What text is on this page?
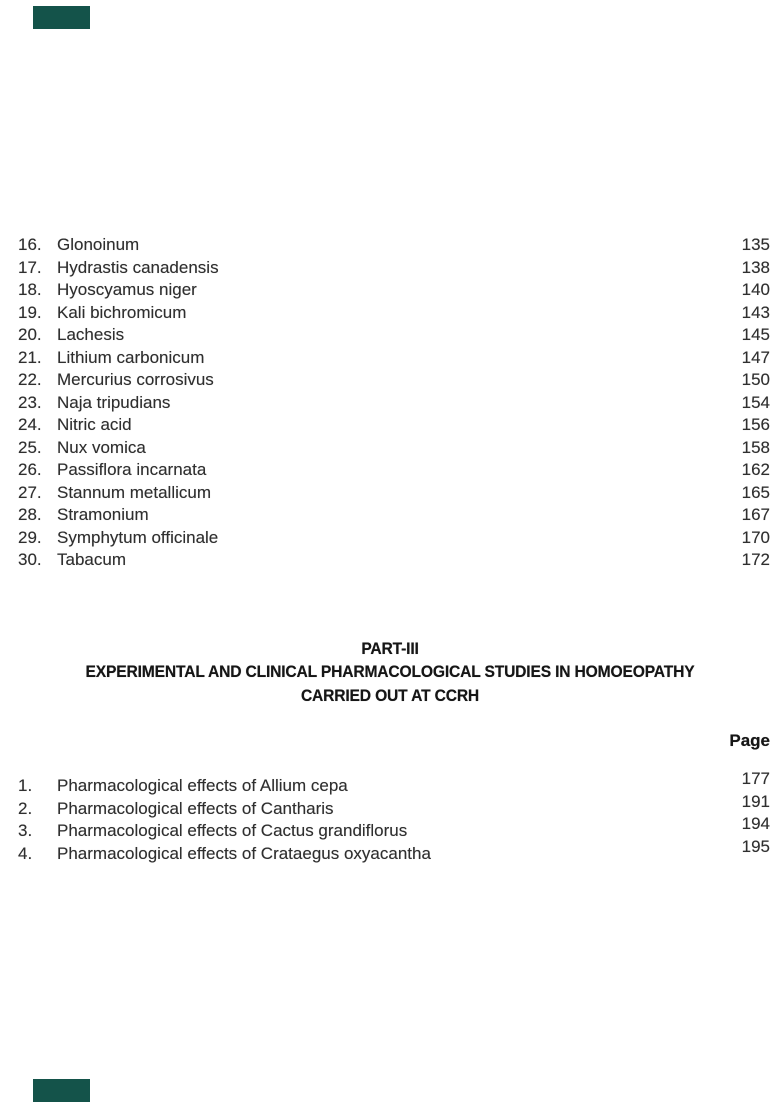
16. Glonoinum	135
17. Hydrastis canadensis	138
18. Hyoscyamus niger	140
19. Kali bichromicum	143
20. Lachesis	145
21. Lithium carbonicum	147
22. Mercurius corrosivus	150
23. Naja tripudians	154
24. Nitric acid	156
25. Nux vomica	158
26. Passiflora incarnata	162
27. Stannum metallicum	165
28. Stramonium	167
29. Symphytum officinale	170
30. Tabacum	172
PART-III
EXPERIMENTAL AND CLINICAL PHARMACOLOGICAL STUDIES IN HOMOEOPATHY
CARRIED OUT AT CCRH
Page
1.	Pharmacological effects of Allium cepa	177
2.	Pharmacological effects of Cantharis	191
3.	Pharmacological effects of Cactus grandiflorus	194
4.	Pharmacological effects of Crataegus oxyacantha	195
